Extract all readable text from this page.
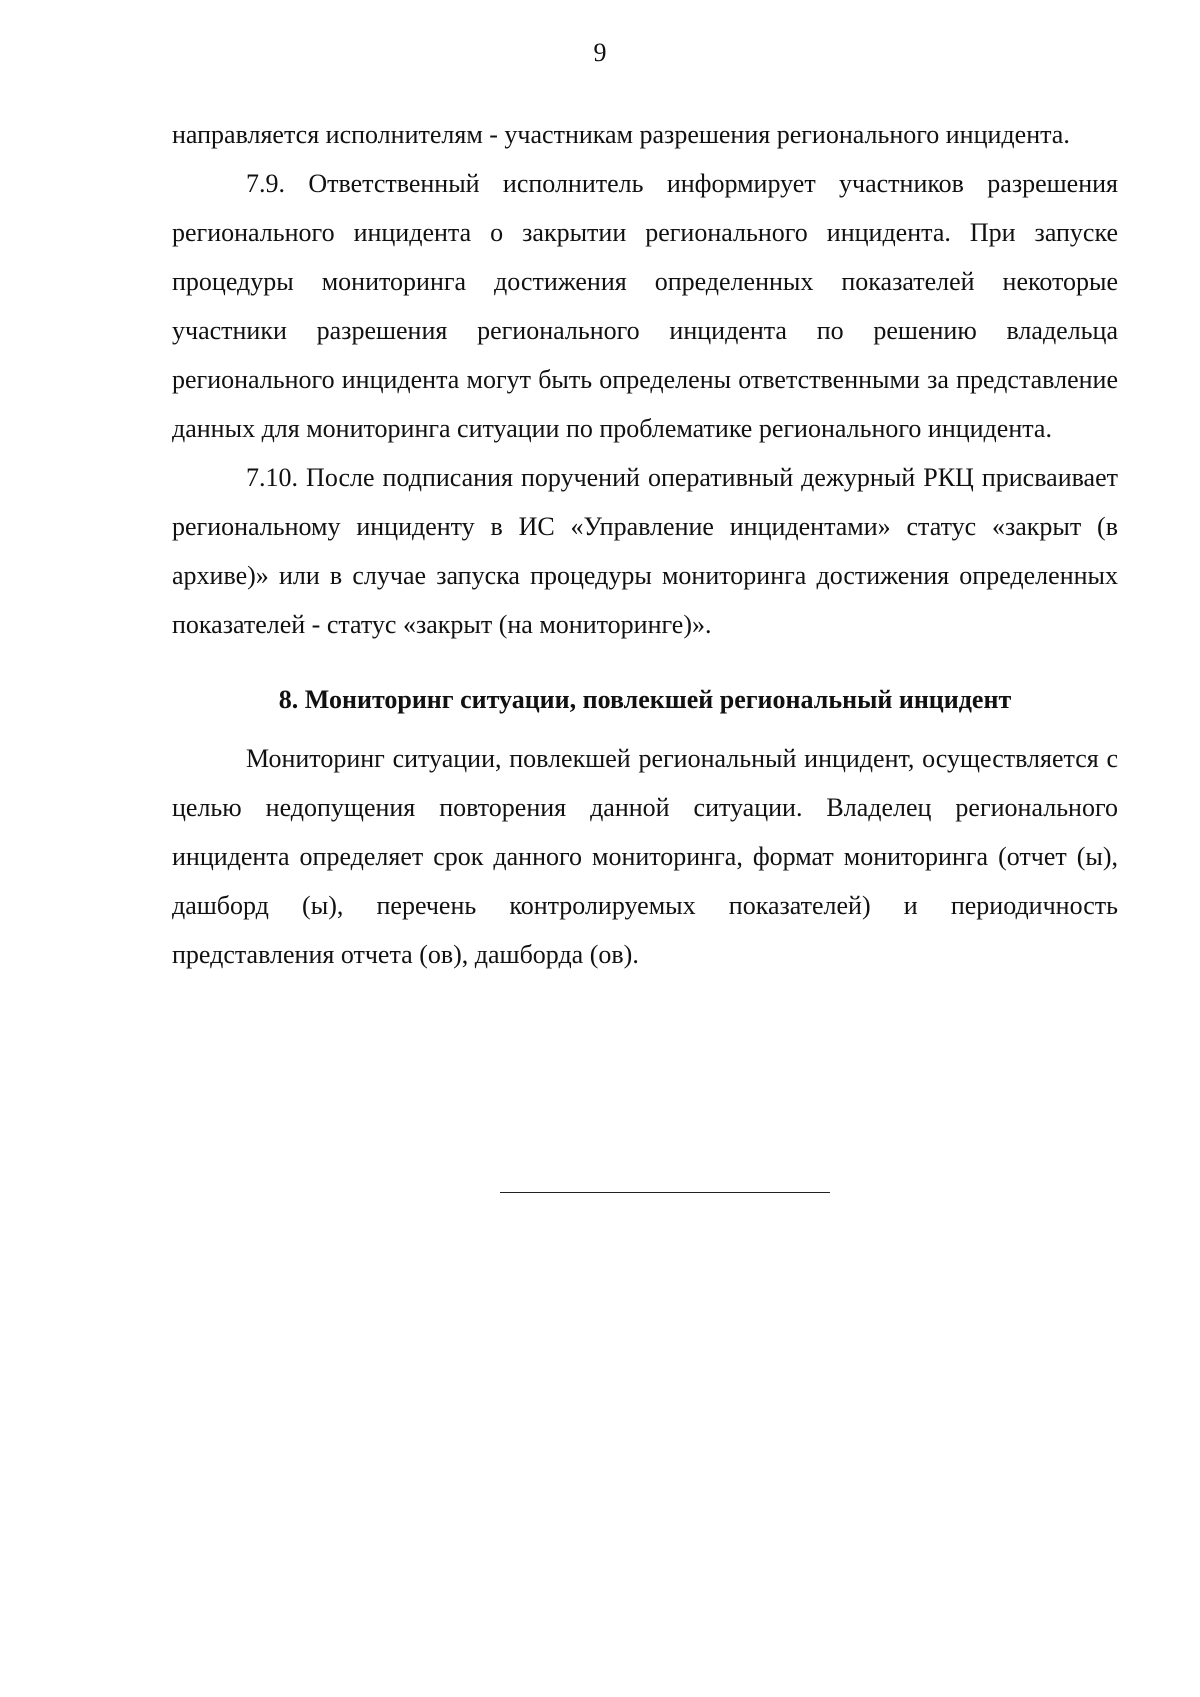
9

направляется исполнителям - участникам разрешения регионального инцидента.

7.9. Ответственный исполнитель информирует участников разрешения регионального инцидента о закрытии регионального инцидента. При запуске процедуры мониторинга достижения определенных показателей некоторые участники разрешения регионального инцидента по решению владельца регионального инцидента могут быть определены ответственными за представление данных для мониторинга ситуации по проблематике регионального инцидента.

7.10. После подписания поручений оперативный дежурный РКЦ присваивает региональному инциденту в ИС «Управление инцидентами» статус «закрыт (в архиве)» или в случае запуска процедуры мониторинга достижения определенных показателей - статус «закрыт (на мониторинге)».

8. Мониторинг ситуации, повлекшей региональный инцидент

Мониторинг ситуации, повлекшей региональный инцидент, осуществляется с целью недопущения повторения данной ситуации. Владелец регионального инцидента определяет срок данного мониторинга, формат мониторинга (отчет (ы), дашборд (ы), перечень контролируемых показателей) и периодичность представления отчета (ов), дашборда (ов).
